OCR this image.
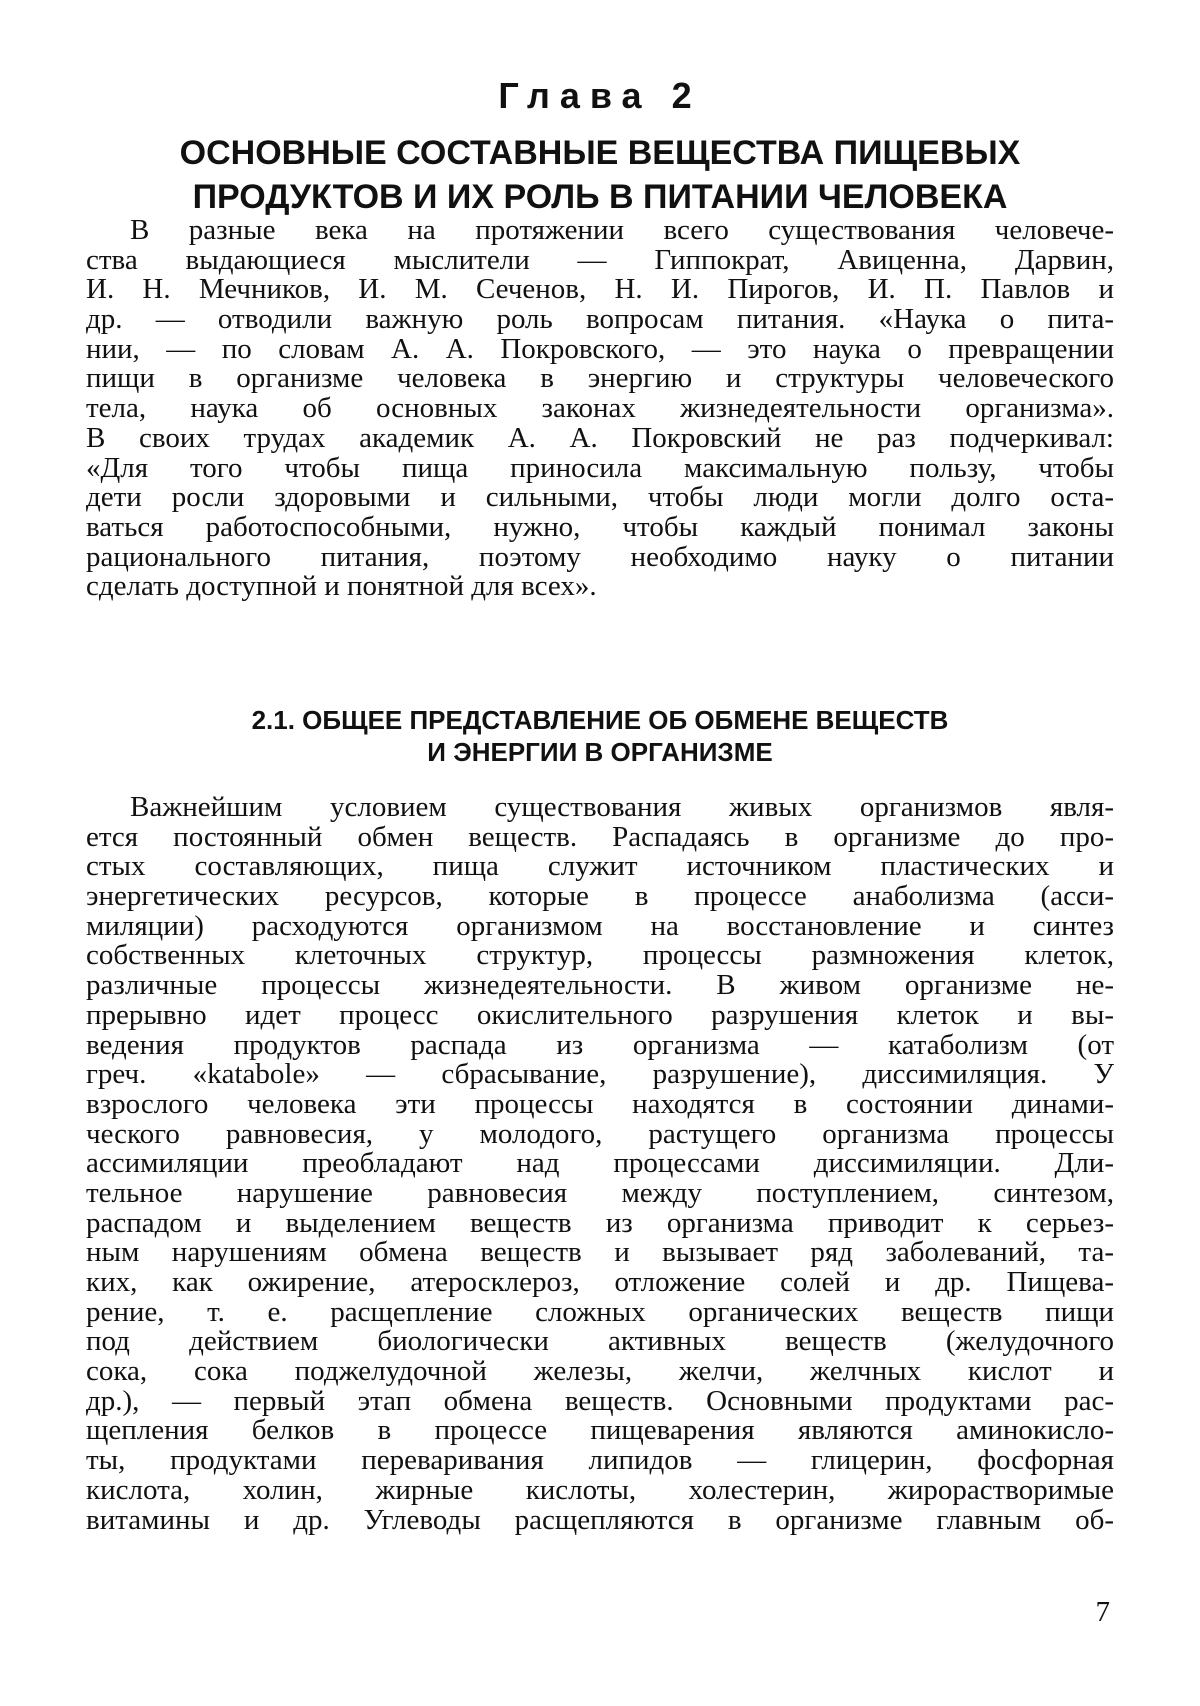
Глава 2
ОСНОВНЫЕ СОСТАВНЫЕ ВЕЩЕСТВА ПИЩЕВЫХ
ПРОДУКТОВ И ИХ РОЛЬ В ПИТАНИИ ЧЕЛОВЕКА
В разные века на протяжении всего существования человече-
ства выдающиеся мыслители — Гиппократ, Авиценна, Дарвин,
И. Н. Мечников, И. М. Сеченов, Н. И. Пирогов, И. П. Павлов и
др. — отводили важную роль вопросам питания. «Наука о пита-
нии, — по словам А. А. Покровского, — это наука о превращении
пищи в организме человека в энергию и структуры человеческого
тела, наука об основных законах жизнедеятельности организма».
В своих трудах академик А. А. Покровский не раз подчеркивал:
«Для того чтобы пища приносила максимальную пользу, чтобы
дети росли здоровыми и сильными, чтобы люди могли долго оста-
ваться работоспособными, нужно, чтобы каждый понимал законы
рационального питания, поэтому необходимо науку о питании
сделать доступной и понятной для всех».
2.1. ОБЩЕЕ ПРЕДСТАВЛЕНИЕ ОБ ОБМЕНЕ ВЕЩЕСТВ
И ЭНЕРГИИ В ОРГАНИЗМЕ
Важнейшим условием существования живых организмов явля-
ется постоянный обмен веществ. Распадаясь в организме до про-
стых составляющих, пища служит источником пластических и
энергетических ресурсов, которые в процессе анаболизма (асси-
миляции) расходуются организмом на восстановление и синтез
собственных клеточных структур, процессы размножения клеток,
различные процессы жизнедеятельности. В живом организме не-
прерывно идет процесс окислительного разрушения клеток и вы-
ведения продуктов распада из организма — катаболизм (от
греч. «katabole» — сбрасывание, разрушение), диссимиляция. У
взрослого человека эти процессы находятся в состоянии динами-
ческого равновесия, у молодого, растущего организма процессы
ассимиляции преобладают над процессами диссимиляции. Дли-
тельное нарушение равновесия между поступлением, синтезом,
распадом и выделением веществ из организма приводит к серьез-
ным нарушениям обмена веществ и вызывает ряд заболеваний, та-
ких, как ожирение, атеросклероз, отложение солей и др. Пищева-
рение, т. е. расщепление сложных органических веществ пищи
под действием биологически активных веществ (желудочного
сока, сока поджелудочной железы, желчи, желчных кислот и
др.), — первый этап обмена веществ. Основными продуктами рас-
щепления белков в процессе пищеварения являются аминокисло-
ты, продуктами переваривания липидов — глицерин, фосфорная
кислота, холин, жирные кислоты, холестерин, жирорастворимые
витамины и др. Углеводы расщепляются в организме главным об-
7
